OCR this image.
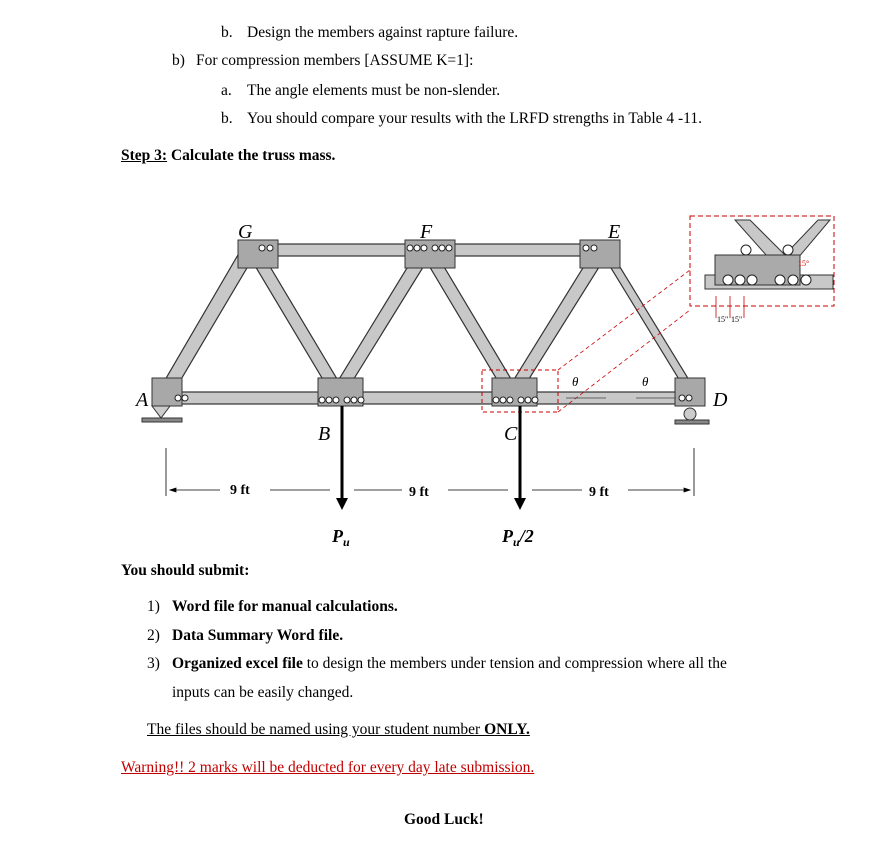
b. Design the members against rapture failure.
b) For compression members [ASSUME K=1]:
a. The angle elements must be non-slender.
b. You should compare your results with the LRFD strengths in Table 4 -11.
Step 3: Calculate the truss mass.
15" 15"
15°
θ	θ
A
G	F	E
B	C
D
9 ft	9 ft	9 ft
$P_u$	$P_u/2$
You should submit:
1) Word file for manual calculations.
2) Data Summary Word file.
3) Organized excel file to design the members under tension and compression where all the
inputs can be easily changed.
The files should be named using your student number ONLY.
Warning!! 2 marks will be deducted for every day late submission.
Good Luck!
